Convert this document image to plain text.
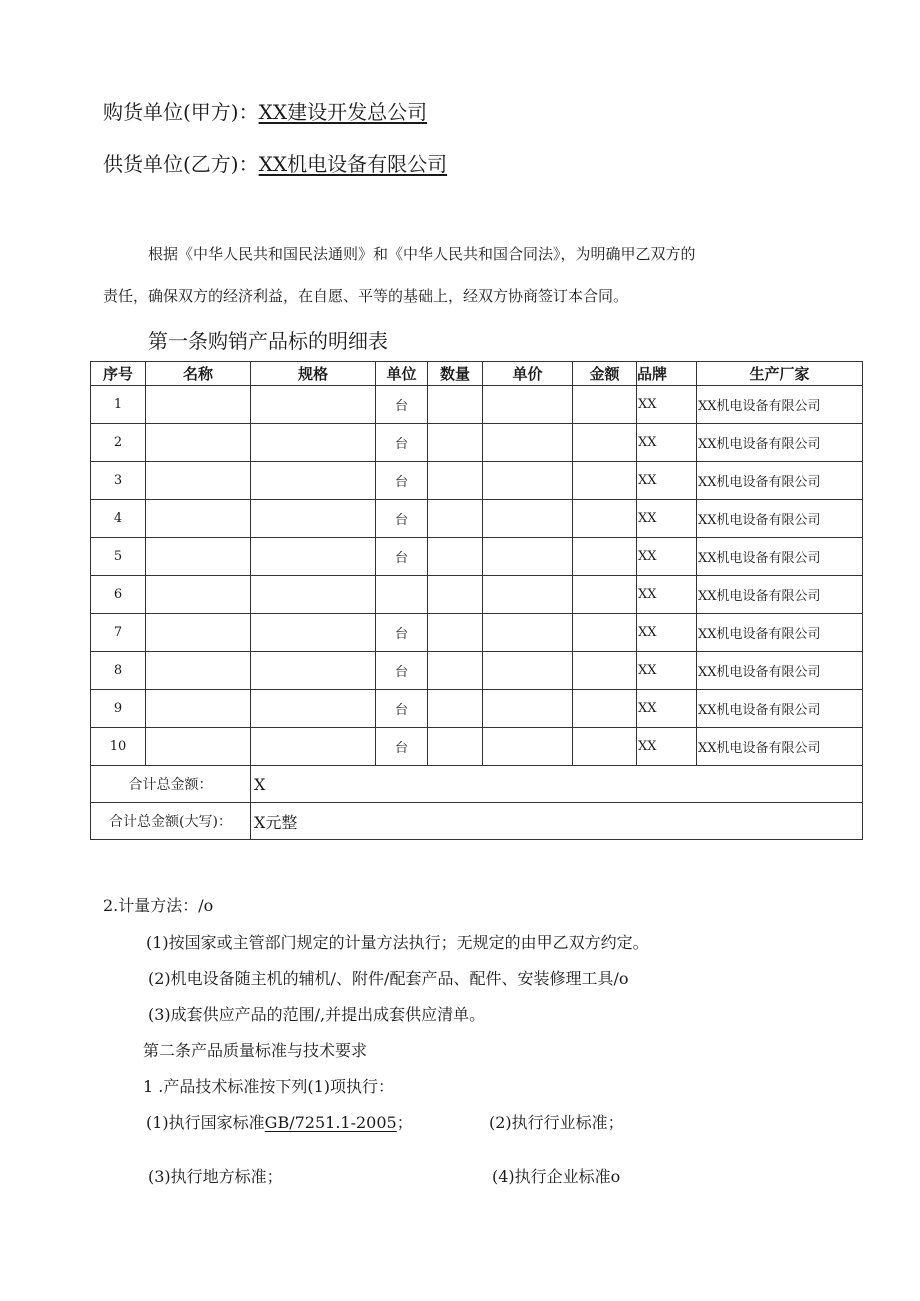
购货单位(甲方)：XX建设开发总公司
供货单位(乙方)：XX机电设备有限公司
根据《中华人民共和国民法通则》和《中华人民共和国合同法》，为明确甲乙双方的
责任，确保双方的经济利益，在自愿、平等的基础上，经双方协商签订本合同。
第一条购销产品标的明细表
序号	名称	规格	单位	数量	单价	金额	品牌	生产厂家
1			台				XX	XX机电设备有限公司
2			台				XX	XX机电设备有限公司
3			台				XX	XX机电设备有限公司
4			台				XX	XX机电设备有限公司
5			台				XX	XX机电设备有限公司
6							XX	XX机电设备有限公司
7			台				XX	XX机电设备有限公司
8			台				XX	XX机电设备有限公司
9			台				XX	XX机电设备有限公司
10			台				XX	XX机电设备有限公司
合计总金额：		X						
合计总金额(大写)：		X元整						
2.计量方法：/o
(1)按国家或主管部门规定的计量方法执行；无规定的由甲乙双方约定。
(2)机电设备随主机的辅机/、附件/配套产品、配件、安装修理工具/o
(3)成套供应产品的范围/,并提出成套供应清单。
第二条产品质量标准与技术要求
1 .产品技术标准按下列(1)项执行：
(1)执行国家标准GB/7251.1-2005；	(2)执行行业标准；
(3)执行地方标准；	(4)执行企业标准o
